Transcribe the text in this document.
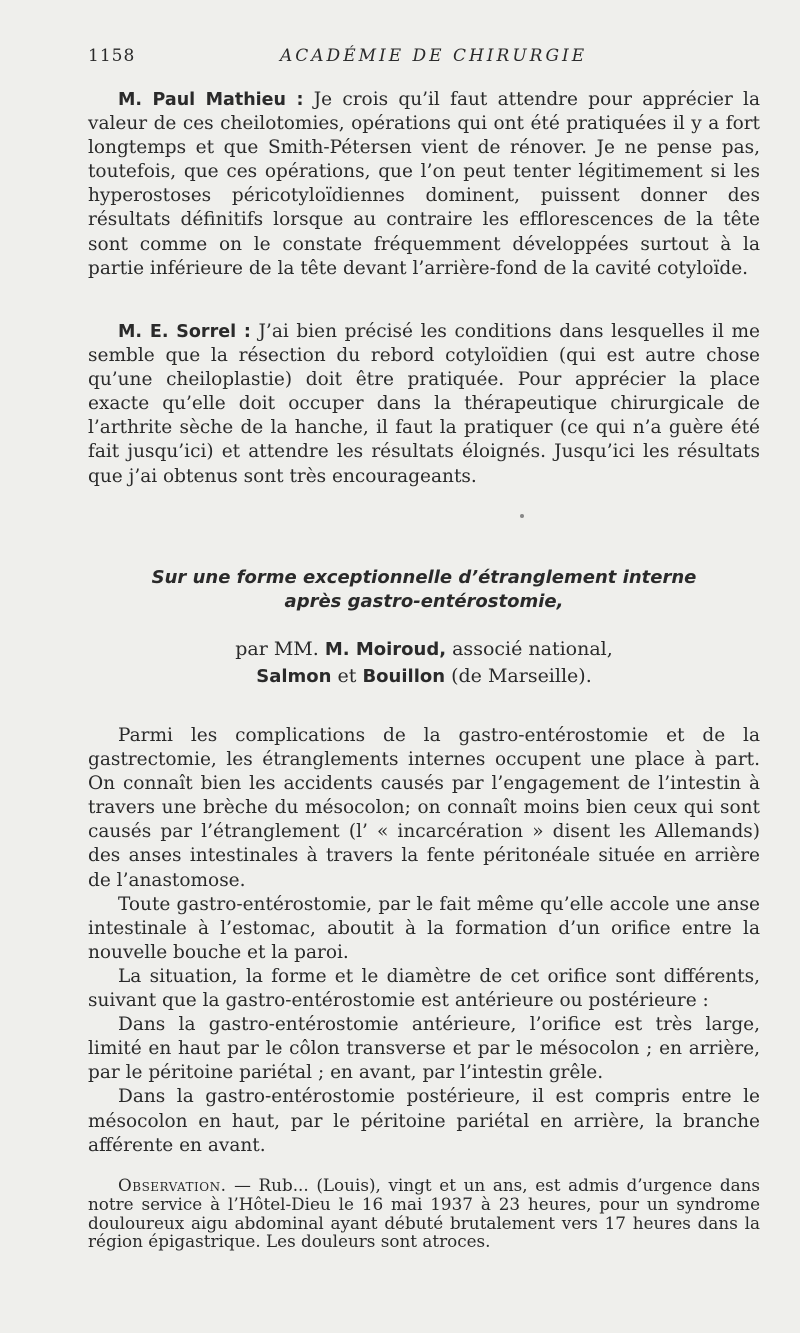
1158	ACADÉMIE DE CHIRURGIE

M. Paul Mathieu : Je crois qu’il faut attendre pour apprécier la valeur de ces cheilotomies, opérations qui ont été pratiquées il y a fort longtemps et que Smith-Pétersen vient de rénover. Je ne pense pas, toutefois, que ces opérations, que l’on peut tenter légitimement si les hyperostoses péricotyloïdiennes dominent, puissent donner des résultats définitifs lorsque au contraire les efflorescences de la tête sont comme on le constate fréquemment développées surtout à la partie inférieure de la tête devant l’arrière-fond de la cavité cotyloïde.

M. E. Sorrel : J’ai bien précisé les conditions dans lesquelles il me semble que la résection du rebord cotyloïdien (qui est autre chose qu’une cheiloplastie) doit être pratiquée. Pour apprécier la place exacte qu’elle doit occuper dans la thérapeutique chirurgicale de l’arthrite sèche de la hanche, il faut la pratiquer (ce qui n’a guère été fait jusqu’ici) et attendre les résultats éloignés. Jusqu’ici les résultats que j’ai obtenus sont très encourageants.

Sur une forme exceptionnelle d’étranglement interne
après gastro-entérostomie,
par MM. M. Moiroud, associé national,
Salmon et Bouillon (de Marseille).

Parmi les complications de la gastro-entérostomie et de la gastrectomie, les étranglements internes occupent une place à part. On connaît bien les accidents causés par l’engagement de l’intestin à travers une brèche du mésocolon; on connaît moins bien ceux qui sont causés par l’étranglement (l’ « incarcération » disent les Allemands) des anses intestinales à travers la fente péritonéale située en arrière de l’anastomose.

Toute gastro-entérostomie, par le fait même qu’elle accole une anse intestinale à l’estomac, aboutit à la formation d’un orifice entre la nouvelle bouche et la paroi.

La situation, la forme et le diamètre de cet orifice sont différents, suivant que la gastro-entérostomie est antérieure ou postérieure :

Dans la gastro-entérostomie antérieure, l’orifice est très large, limité en haut par le côlon transverse et par le mésocolon ; en arrière, par le péritoine pariétal ; en avant, par l’intestin grêle.

Dans la gastro-entérostomie postérieure, il est compris entre le mésocolon en haut, par le péritoine pariétal en arrière, la branche afférente en avant.

Observation. — Rub... (Louis), vingt et un ans, est admis d’urgence dans notre service à l’Hôtel-Dieu le 16 mai 1937 à 23 heures, pour un syndrome douloureux aigu abdominal ayant débuté brutalement vers 17 heures dans la région épigastrique. Les douleurs sont atroces.
